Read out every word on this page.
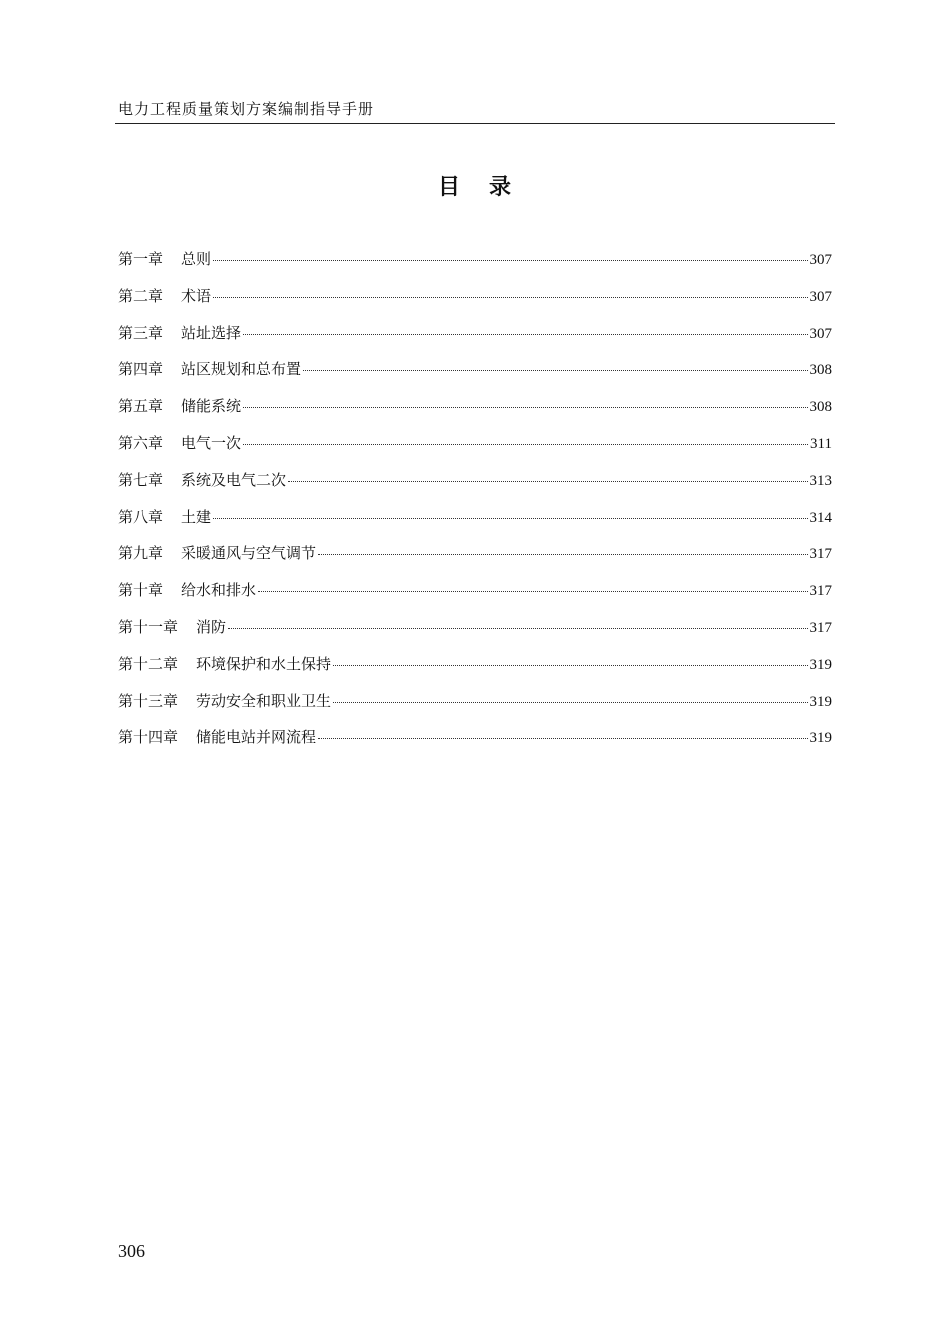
电力工程质量策划方案编制指导手册
目 录
第一章 总则	307
第二章 术语	307
第三章 站址选择	307
第四章 站区规划和总布置	308
第五章 储能系统	308
第六章 电气一次	311
第七章 系统及电气二次	313
第八章 土建	314
第九章 采暖通风与空气调节	317
第十章 给水和排水	317
第十一章 消防	317
第十二章 环境保护和水土保持	319
第十三章 劳动安全和职业卫生	319
第十四章 储能电站并网流程	319
306
